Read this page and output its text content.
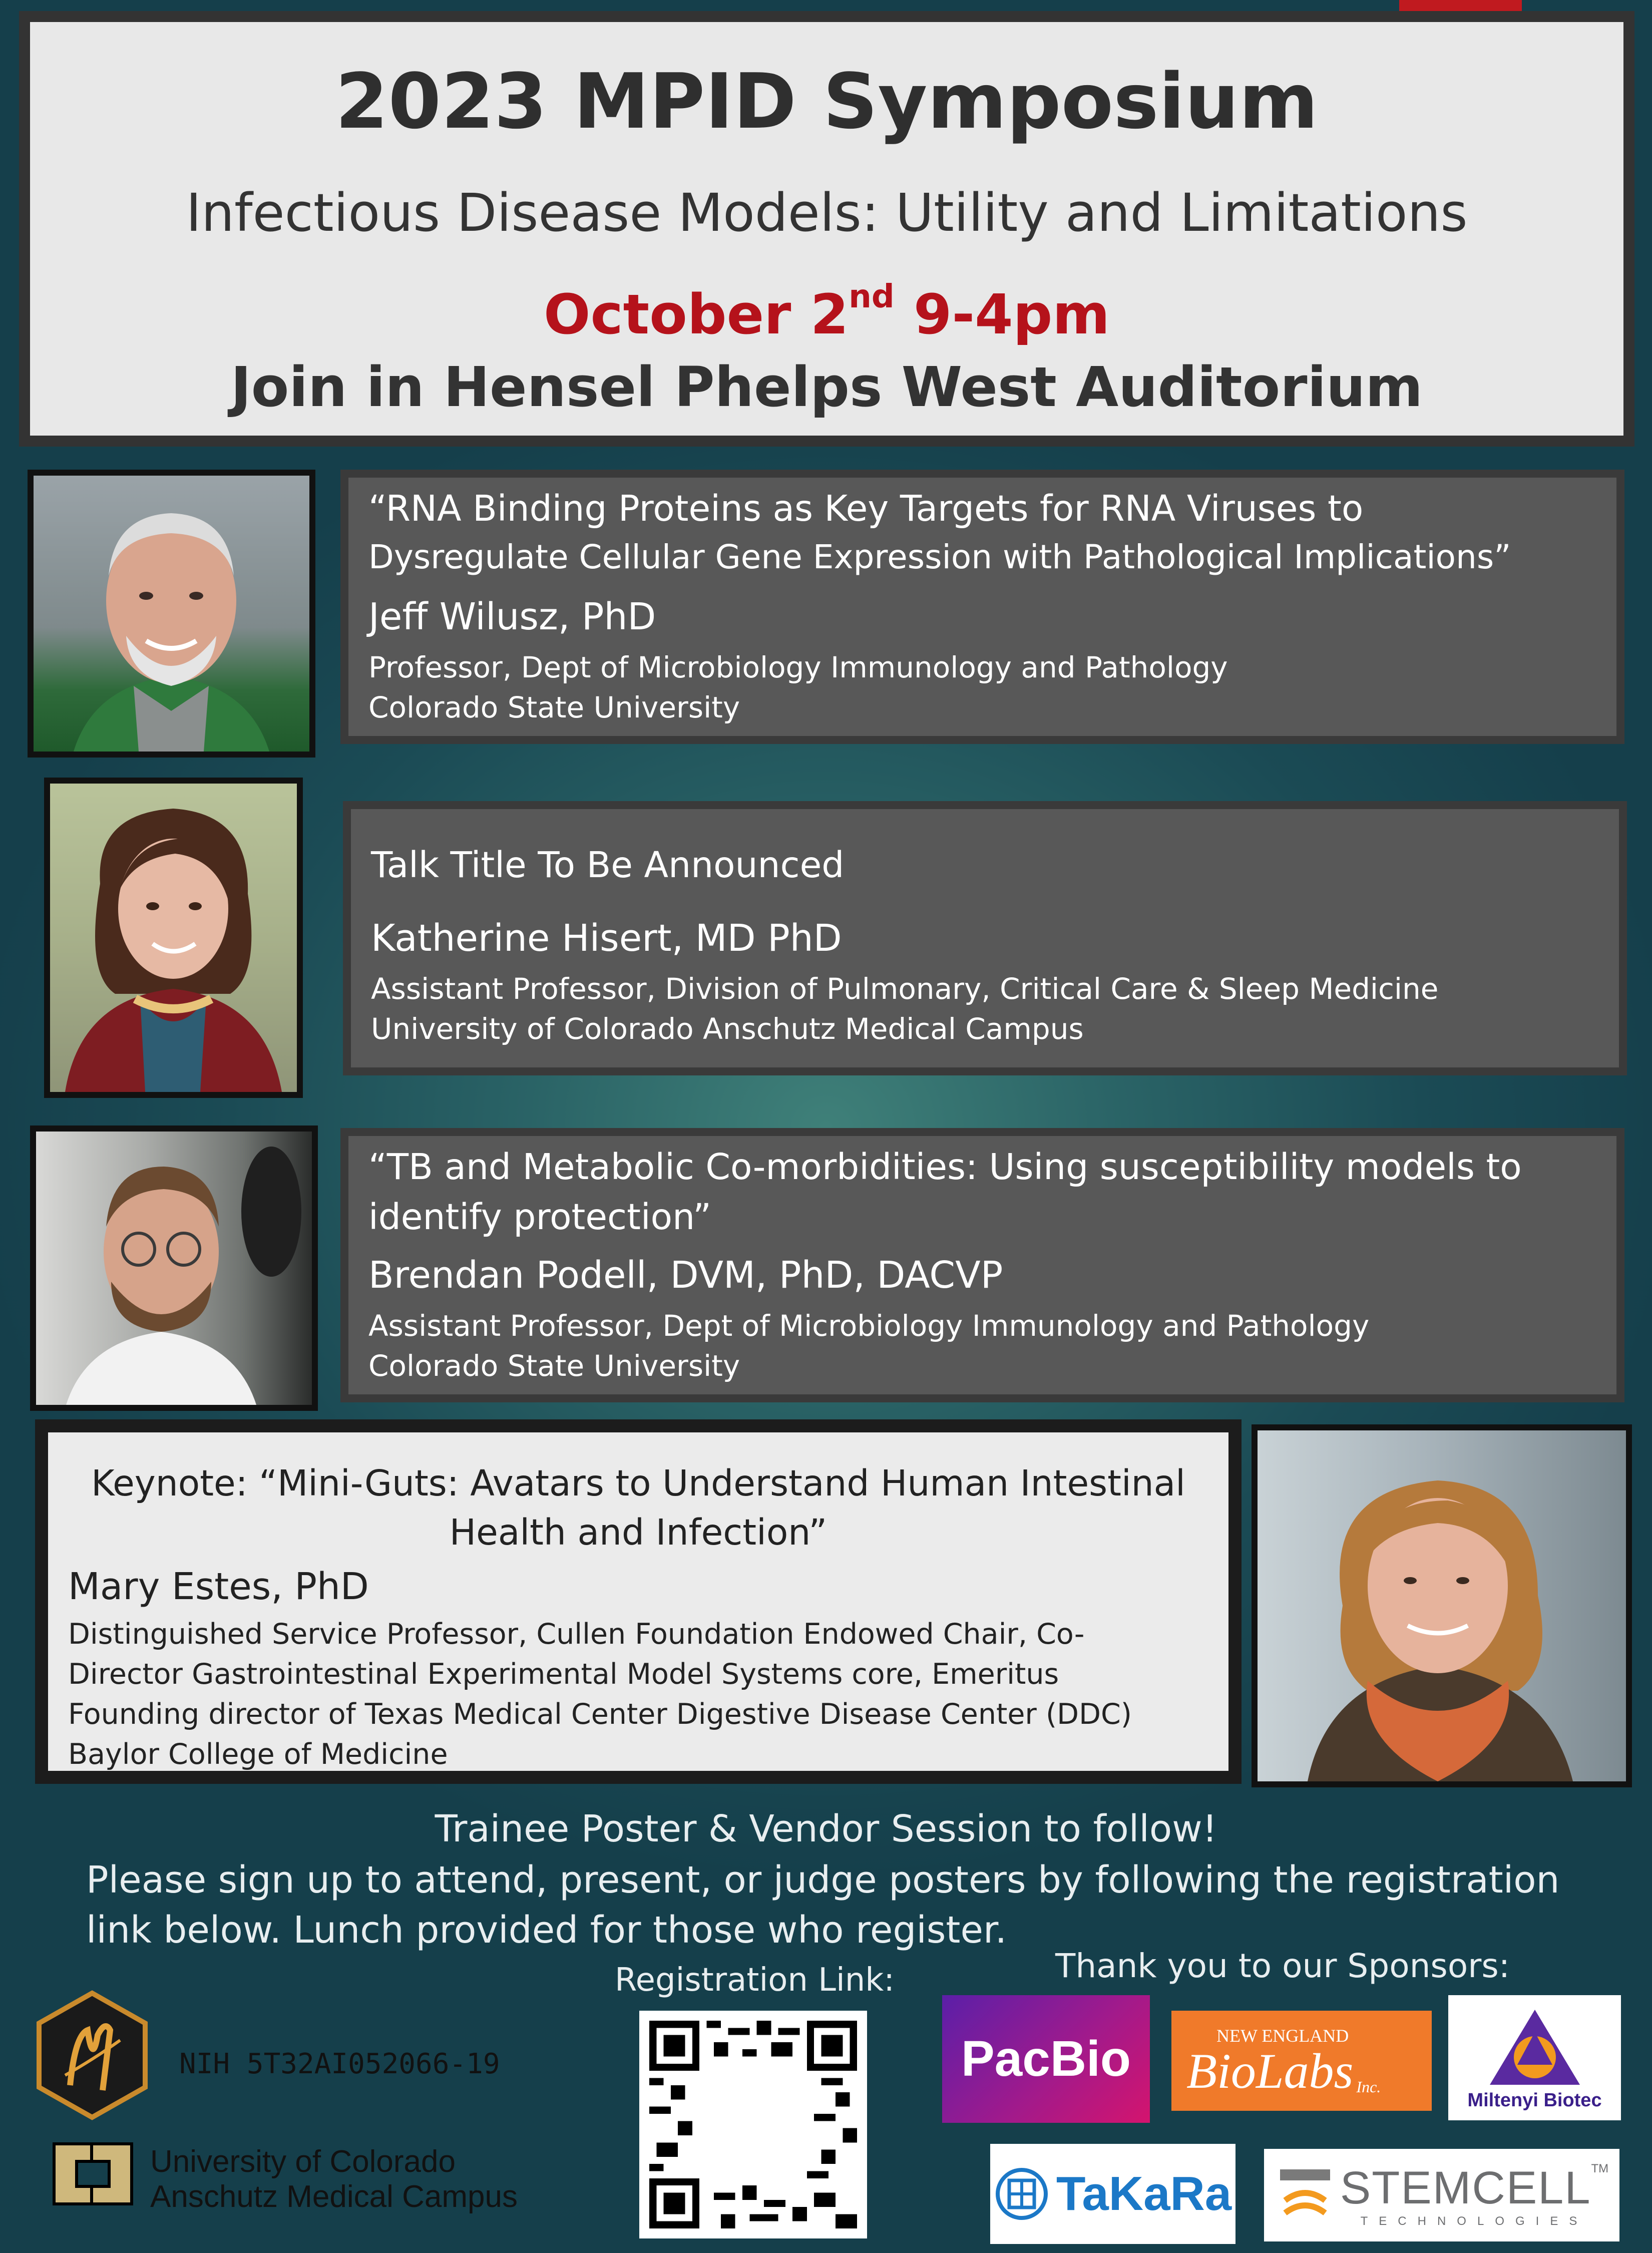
2023 MPID Symposium
Infectious Disease Models: Utility and Limitations
October 2nd 9-4pm
Join in Hensel Phelps West Auditorium
“RNA Binding Proteins as Key Targets for RNA Viruses to
Dysregulate Cellular Gene Expression with Pathological Implications”
Jeff Wilusz, PhD
Professor, Dept of Microbiology Immunology and Pathology
Colorado State University
Talk Title To Be Announced
Katherine Hisert, MD PhD
Assistant Professor, Division of Pulmonary, Critical Care & Sleep Medicine
University of Colorado Anschutz Medical Campus
“TB and Metabolic Co-morbidities: Using susceptibility models to
identify protection”
Brendan Podell, DVM, PhD, DACVP
Assistant Professor, Dept of Microbiology Immunology and Pathology
Colorado State University
Keynote: “Mini-Guts: Avatars to Understand Human Intestinal
Health and Infection”
Mary Estes, PhD
Distinguished Service Professor, Cullen Foundation Endowed Chair, Co-
Director Gastrointestinal Experimental Model Systems core, Emeritus
Founding director of Texas Medical Center Digestive Disease Center (DDC)
Baylor College of Medicine
Trainee Poster & Vendor Session to follow!
Please sign up to attend, present, or judge posters by following the registration
link below. Lunch provided for those who register.
Registration Link:	Thank you to our Sponsors:
NIH 5T32AI052066-19
University of Colorado
Anschutz Medical Campus
PacBio	NEW ENGLAND
BioLabs Inc.
Miltenyi Biotec
TaKaRa STEMCELL TM
TECHNOLOGIES
